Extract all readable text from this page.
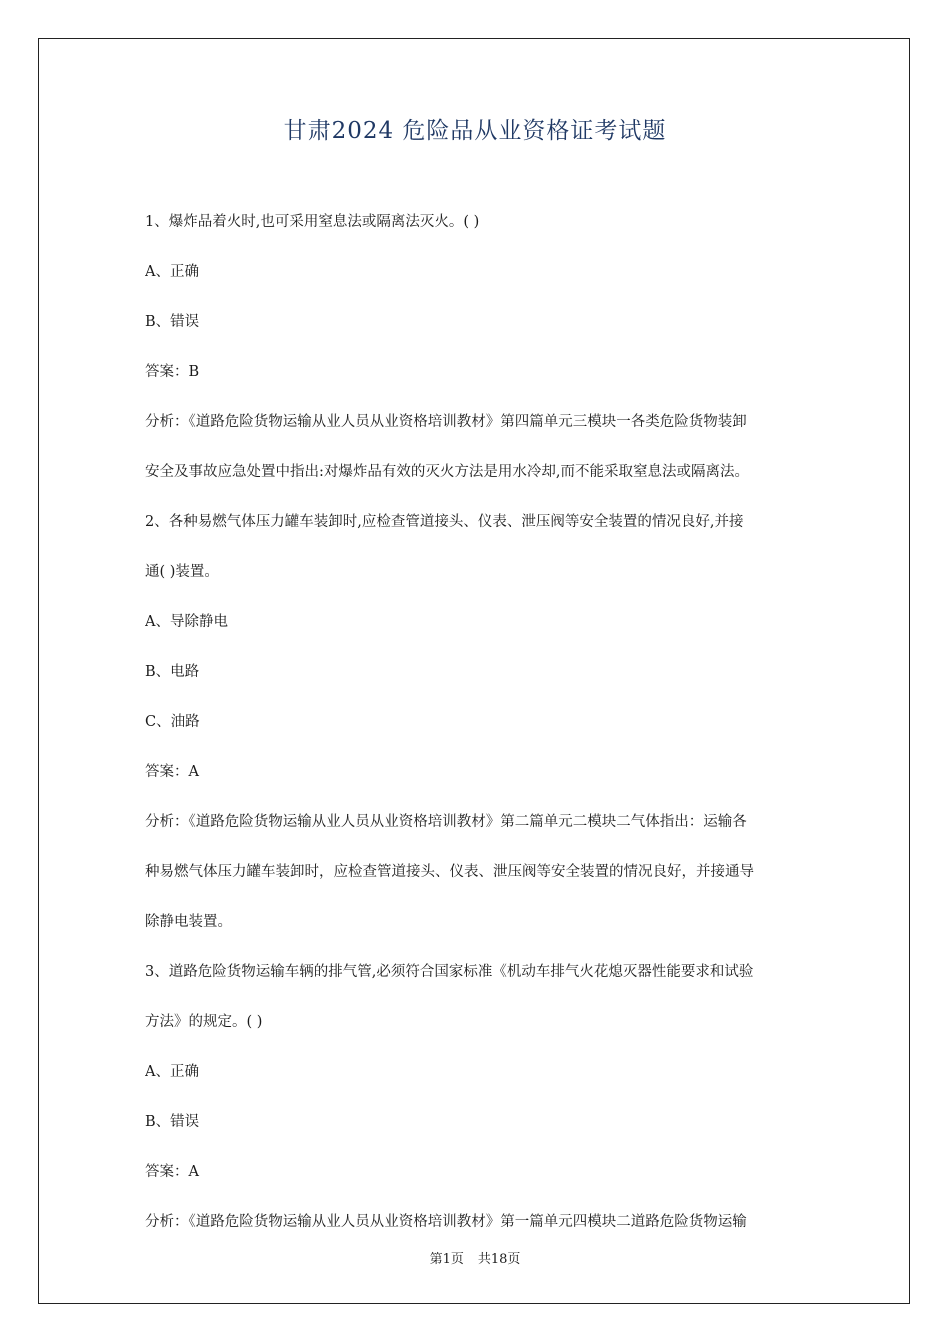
甘肃2024 危险品从业资格证考试题
1、爆炸品着火时,也可采用窒息法或隔离法灭火。( )
A、正确
B、错误
答案：B
分析：《道路危险货物运输从业人员从业资格培训教材》第四篇单元三模块一各类危险货物装卸
安全及事故应急处置中指出:对爆炸品有效的灭火方法是用水冷却,而不能采取窒息法或隔离法。
2、各种易燃气体压力罐车装卸时,应检查管道接头、仪表、泄压阀等安全装置的情况良好,并接
通( )装置。
A、导除静电
B、电路
C、油路
答案：A
分析：《道路危险货物运输从业人员从业资格培训教材》第二篇单元二模块二气体指出：运输各
种易燃气体压力罐车装卸时，应检查管道接头、仪表、泄压阀等安全装置的情况良好，并接通导
除静电装置。
3、道路危险货物运输车辆的排气管,必须符合国家标准《机动车排气火花熄灭器性能要求和试验
方法》的规定。( )
A、正确
B、错误
答案：A
分析：《道路危险货物运输从业人员从业资格培训教材》第一篇单元四模块二道路危险货物运输
第1页 共18页
